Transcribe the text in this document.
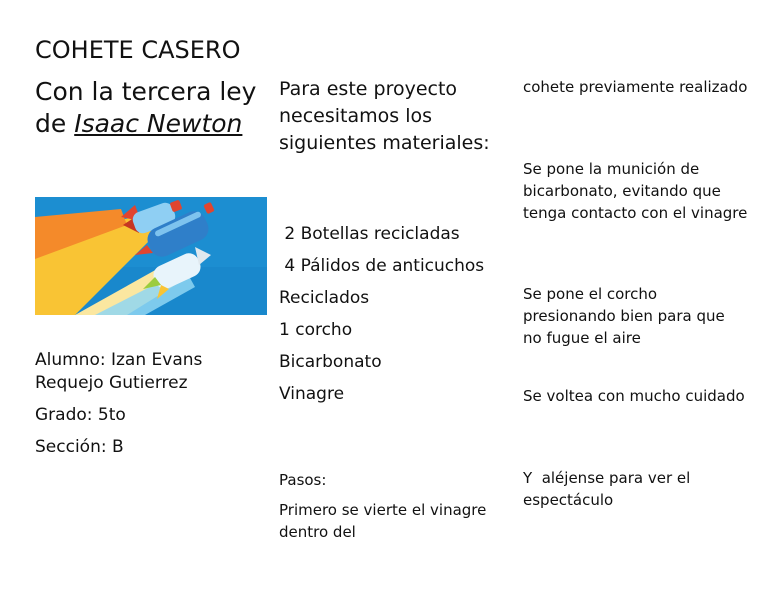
COHETE CASERO
Con la tercera ley de Isaac Newton

Alumno: Izan Evans Requejo Gutierrez

Grado: 5to

Sección: B

Para este proyecto necesitamos los siguientes materiales:

2 Botellas recicladas

4 Pálidos de anticuchos

Reciclados

1 corcho

Bicarbonato

Vinagre

Pasos:

Primero se vierte el vinagre dentro del

cohete previamente realizado

Se pone la munición de bicarbonato, evitando que tenga contacto con el vinagre

Se pone el corcho presionando bien para que no fugue el aire

Se voltea con mucho cuidado

Y  aléjense para ver el espectáculo
